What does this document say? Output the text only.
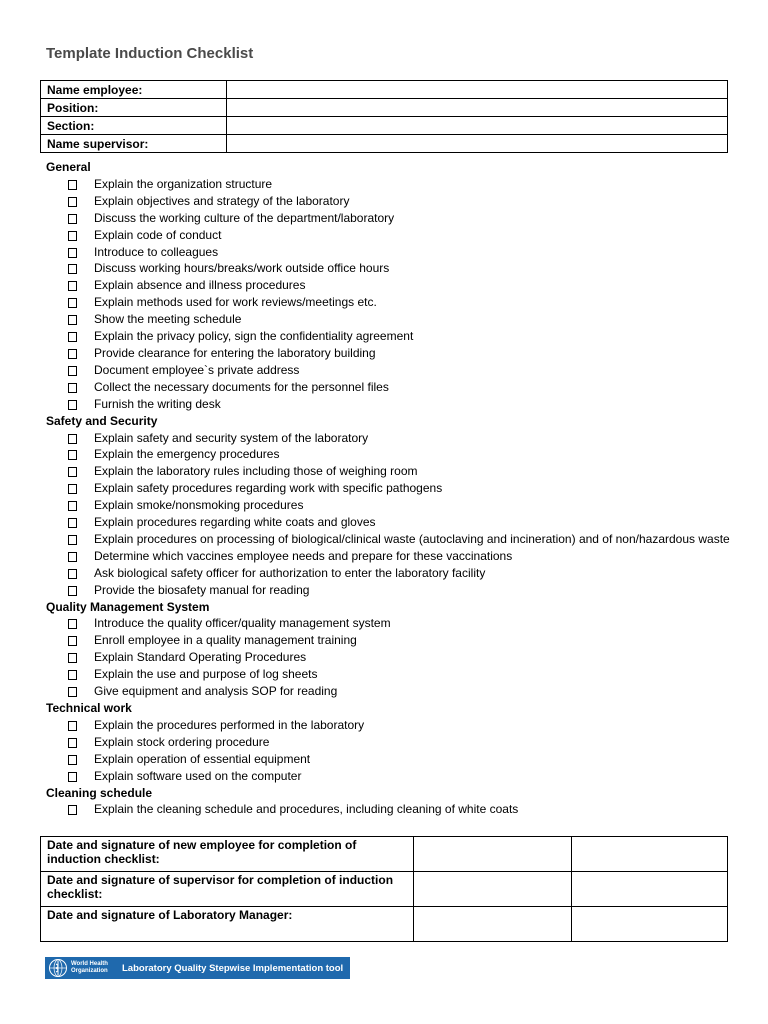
Template Induction Checklist
Name employee:	
Position:	
Section:	
Name supervisor:	
General
Explain the organization structure
Explain objectives and strategy of the laboratory
Discuss the working culture of the department/laboratory
Explain code of conduct
Introduce to colleagues
Discuss working hours/breaks/work outside office hours
Explain absence and illness procedures
Explain methods used for work reviews/meetings etc.
Show the meeting schedule
Explain the privacy policy, sign the confidentiality agreement
Provide clearance for entering the laboratory building
Document employee`s private address
Collect the necessary documents for the personnel files
Furnish the writing desk
Safety and Security
Explain safety and security system of the laboratory
Explain the emergency procedures
Explain the laboratory rules including those of weighing room
Explain safety procedures regarding work with specific pathogens
Explain smoke/nonsmoking procedures
Explain procedures regarding white coats and gloves
Explain procedures on processing of biological/clinical waste (autoclaving and incineration) and of non/hazardous waste
Determine which vaccines employee needs and prepare for these vaccinations
Ask biological safety officer for authorization to enter the laboratory facility
Provide the biosafety manual for reading
Quality Management System
Introduce the quality officer/quality management system
Enroll employee in a quality management training
Explain Standard Operating Procedures
Explain the use and purpose of log sheets
Give equipment and analysis SOP for reading
Technical work
Explain the procedures performed in the laboratory
Explain stock ordering procedure
Explain operation of essential equipment
Explain software used on the computer
Cleaning schedule
Explain the cleaning schedule and procedures, including cleaning of white coats
Date and signature of new employee for completion of induction checklist:		
Date and signature of supervisor for completion of induction checklist:		
Date and signature of Laboratory Manager:		
World Health
Organization	Laboratory Quality Stepwise Implementation tool
